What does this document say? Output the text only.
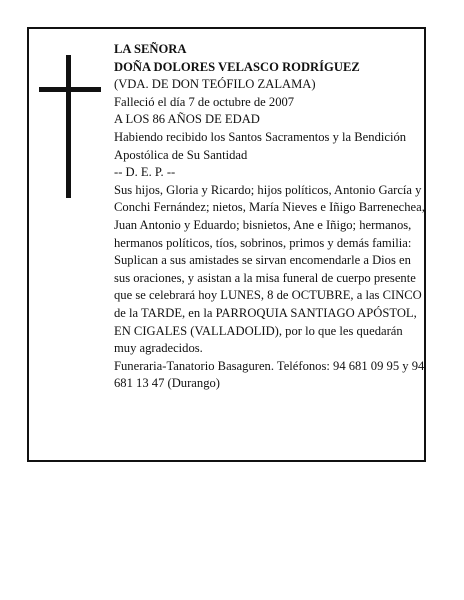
LA SEÑORA

DOÑA DOLORES VELASCO RODRÍGUEZ

(VDA. DE DON TEÓFILO ZALAMA)

Falleció el día 7 de octubre de 2007

A LOS 86 AÑOS DE EDAD

Habiendo recibido los Santos Sacramentos y la Bendición Apostólica de Su Santidad

-- D. E. P. --

Sus hijos, Gloria y Ricardo; hijos políticos, Antonio García y Conchi Fernández; nietos, María Nieves e Iñigo Barrenechea, Juan Antonio y Eduardo; bisnietos, Ane e Iñigo; hermanos, hermanos políticos, tíos, sobrinos, primos y demás familia:

Suplican a sus amistades se sirvan encomendarle a Dios en sus oraciones, y asistan a la misa funeral de cuerpo presente que se celebrará hoy LUNES, 8 de OCTUBRE, a las CINCO de la TARDE, en la PARROQUIA SANTIAGO APÓSTOL, EN CIGALES (VALLADOLID), por lo que les quedarán muy agradecidos.

Funeraria-Tanatorio Basaguren. Teléfonos: 94 681 09 95 y 94 681 13 47 (Durango)
